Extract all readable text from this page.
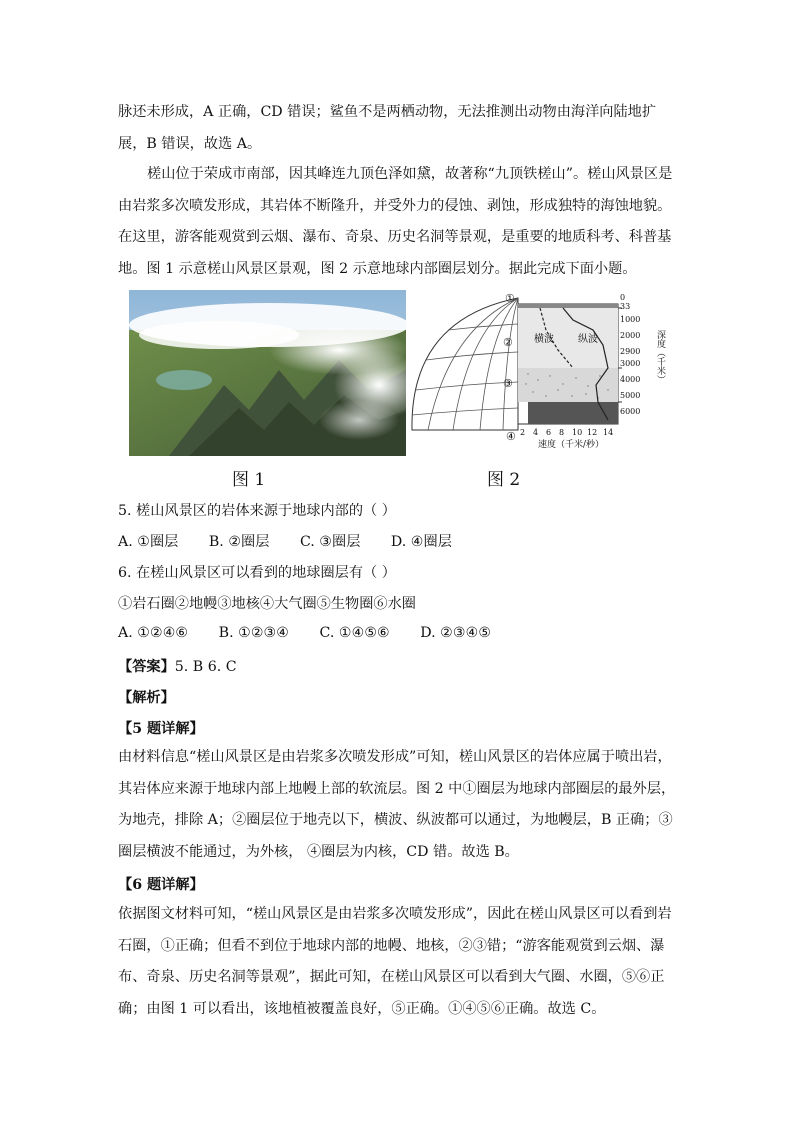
脉还未形成，A 正确，CD 错误；鲨鱼不是两栖动物，无法推测出动物由海洋向陆地扩展，B 错误，故选 A。

槎山位于荣成市南部，因其峰连九顶色泽如黛，故著称“九顶铁槎山”。槎山风景区是由岩浆多次喷发形成，其岩体不断隆升，并受外力的侵蚀、剥蚀，形成独特的海蚀地貌。在这里，游客能观赏到云烟、瀑布、奇泉、历史名洞等景观，是重要的地质科考、科普基地。图 1 示意槎山风景区景观，图 2 示意地球内部圈层划分。据此完成下面小题。

①
②
③
④
横波 纵波
0
33
1000
2000
2900
3000
4000
5000
6000
深度（千米）
2 4 6 8 10 12 14
速度（千米/秒）
图 1	图 2

5. 槎山风景区的岩体来源于地球内部的（ ）

A. ①圈层 B. ②圈层 C. ③圈层 D. ④圈层

6. 在槎山风景区可以看到的地球圈层有（ ）

①岩石圈②地幔③地核④大气圈⑤生物圈⑥水圈

A. ①②④⑥ B. ①②③④ C. ①④⑤⑥ D. ②③④⑤

【答案】5. B 6. C

【解析】

【5 题详解】

由材料信息“槎山风景区是由岩浆多次喷发形成”可知，槎山风景区的岩体应属于喷出岩，其岩体应来源于地球内部上地幔上部的软流层。图 2 中①圈层为地球内部圈层的最外层，为地壳，排除 A；②圈层位于地壳以下，横波、纵波都可以通过，为地幔层，B 正确；③圈层横波不能通过，为外核， ④圈层为内核，CD 错。故选 B。

【6 题详解】

依据图文材料可知，“槎山风景区是由岩浆多次喷发形成”，因此在槎山风景区可以看到岩石圈，①正确；但看不到位于地球内部的地幔、地核，②③错；“游客能观赏到云烟、瀑布、奇泉、历史名洞等景观”，据此可知，在槎山风景区可以看到大气圈、水圈，⑤⑥正确；由图 1 可以看出，该地植被覆盖良好，⑤正确。①④⑤⑥正确。故选 C。
